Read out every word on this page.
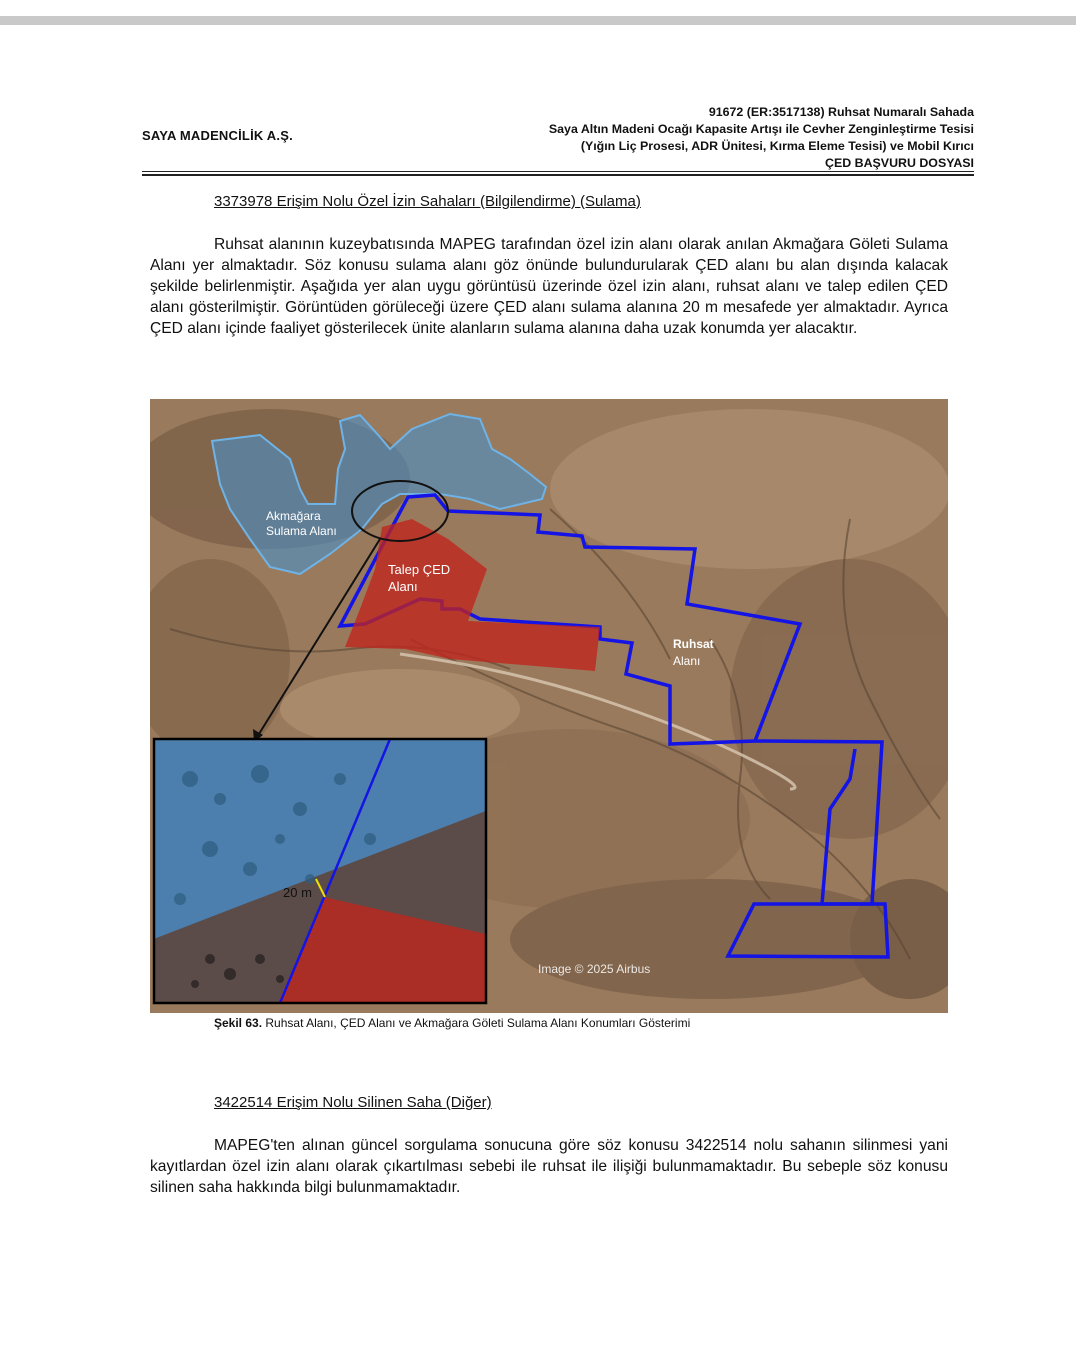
SAYA MADENCİLİK A.Ş.
91672 (ER:3517138) Ruhsat Numaralı Sahada
Saya Altın Madeni Ocağı Kapasite Artışı ile Cevher Zenginleştirme Tesisi
(Yığın Liç Prosesi, ADR Ünitesi, Kırma Eleme Tesisi) ve Mobil Kırıcı
ÇED BAŞVURU DOSYASI
3373978 Erişim Nolu Özel İzin Sahaları (Bilgilendirme) (Sulama)

Ruhsat alanının kuzeybatısında MAPEG tarafından özel izin alanı olarak anılan Akmağara Göleti Sulama Alanı yer almaktadır. Söz konusu sulama alanı göz önünde bulundurularak ÇED alanı bu alan dışında kalacak şekilde belirlenmiştir. Aşağıda yer alan uygu görüntüsü üzerinde özel izin alanı, ruhsat alanı ve talep edilen ÇED alanı gösterilmiştir. Görüntüden görüleceği üzere ÇED alanı sulama alanına 20 m mesafede yer almaktadır. Ayrıca ÇED alanı içinde faaliyet gösterilecek ünite alanların sulama alanına daha uzak konumda yer alacaktır.

Akmağara
Sulama Alanı
Talep ÇED
Alanı
Ruhsat
Alanı
20 m
Image © 2025 Airbus
Şekil 63. Ruhsat Alanı, ÇED Alanı ve Akmağara Göleti Sulama Alanı Konumları Gösterimi
3422514 Erişim Nolu Silinen Saha (Diğer)

MAPEG'ten alınan güncel sorgulama sonucuna göre söz konusu 3422514 nolu sahanın silinmesi yani kayıtlardan özel izin alanı olarak çıkartılması sebebi ile ruhsat ile ilişiği bulunmamaktadır. Bu sebeple söz konusu silinen saha hakkında bilgi bulunmamaktadır.
